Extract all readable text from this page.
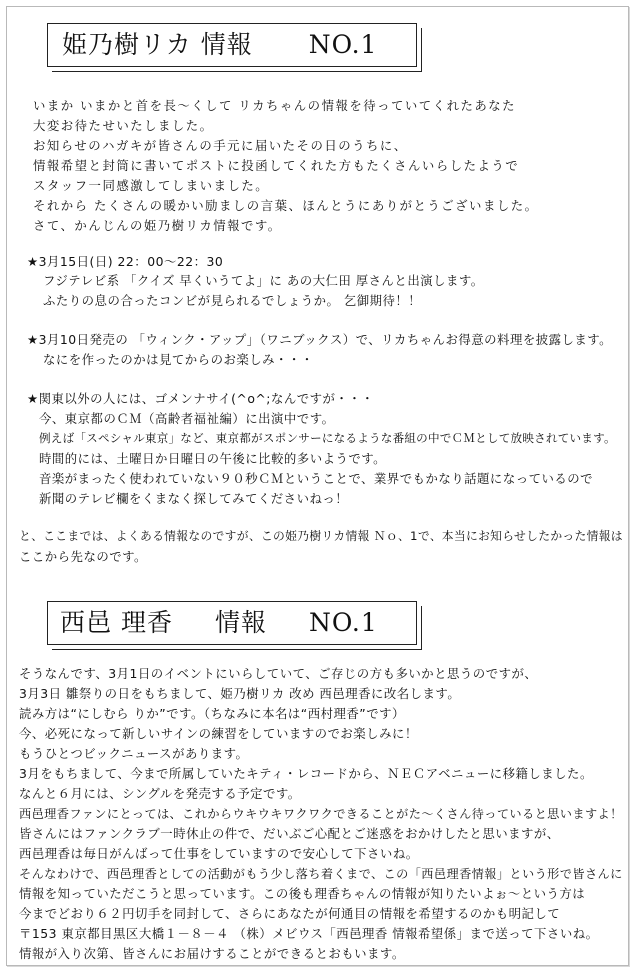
姫乃樹リカ 情報 NO.1
いまか いまかと首を長～くして リカちゃんの情報を待っていてくれたあなた
大変お待たせいたしました。
お知らせのハガキが皆さんの手元に届いたその日のうちに、
情報希望と封筒に書いてポストに投函してくれた方もたくさんいらしたようで
スタッフ一同感激してしまいました。
それから たくさんの暖かい励ましの言葉、ほんとうにありがとうございました。
さて、かんじんの姫乃樹リカ情報です。
★3月15日(日) 22：00～22：30
フジテレビ系 「クイズ 早くいうてよ」に あの大仁田 厚さんと出演します。
ふたりの息の合ったコンビが見られるでしょうか。 乞御期待！！
★3月10日発売の 「ウィンク・アップ」（ワニブックス）で、リカちゃんお得意の料理を披露します。
なにを作ったのかは見てからのお楽しみ・・・
★関東以外の人には、ゴメンナサイ(^o^;なんですが・・・
今、東京都のＣＭ（高齢者福祉編）に出演中です。
例えば「スペシャル東京」など、東京都がスポンサーになるような番組の中でＣＭとして放映されています。
時間的には、土曜日か日曜日の午後に比較的多いようです。
音楽がまったく使われていない９０秒ＣＭということで、業界でもかなり話題になっているので
新聞のテレビ欄をくまなく探してみてくださいねっ！
と、ここまでは、よくある情報なのですが、この姫乃樹リカ情報 Ｎｏ、1で、本当にお知らせしたかった情報は
ここから先なのです。
西邑 理香 情報 NO.1
そうなんです、3月1日のイベントにいらしていて、ご存じの方も多いかと思うのですが、
3月3日 雛祭りの日をもちまして、姫乃樹リカ 改め 西邑理香に改名します。
読み方は“にしむら りか”です。（ちなみに本名は“西村理香”です）
今、必死になって新しいサインの練習をしていますのでお楽しみに！
もうひとつビックニュースがあります。
3月をもちまして、今まで所属していたキティ・レコードから、ＮＥＣアベニューに移籍しました。
なんと６月には、シングルを発売する予定です。
西邑理香ファンにとっては、これからウキウキワクワクできることがた～くさん待っていると思いますよ！
皆さんにはファンクラブ一時休止の件で、だいぶご心配とご迷惑をおかけしたと思いますが、
西邑理香は毎日がんばって仕事をしていますので安心して下さいね。
そんなわけで、西邑理香としての活動がもう少し落ち着くまで、この「西邑理香情報」という形で皆さんに
情報を知っていただこうと思っています。この後も理香ちゃんの情報が知りたいよぉ～という方は
今までどおり６２円切手を同封して、さらにあなたが何通目の情報を希望するのかも明記して
〒153 東京都目黒区大橋１－８－４ （株）メビウス「西邑理香 情報希望係」まで送って下さいね。
情報が入り次第、皆さんにお届けすることができるとおもいます。
